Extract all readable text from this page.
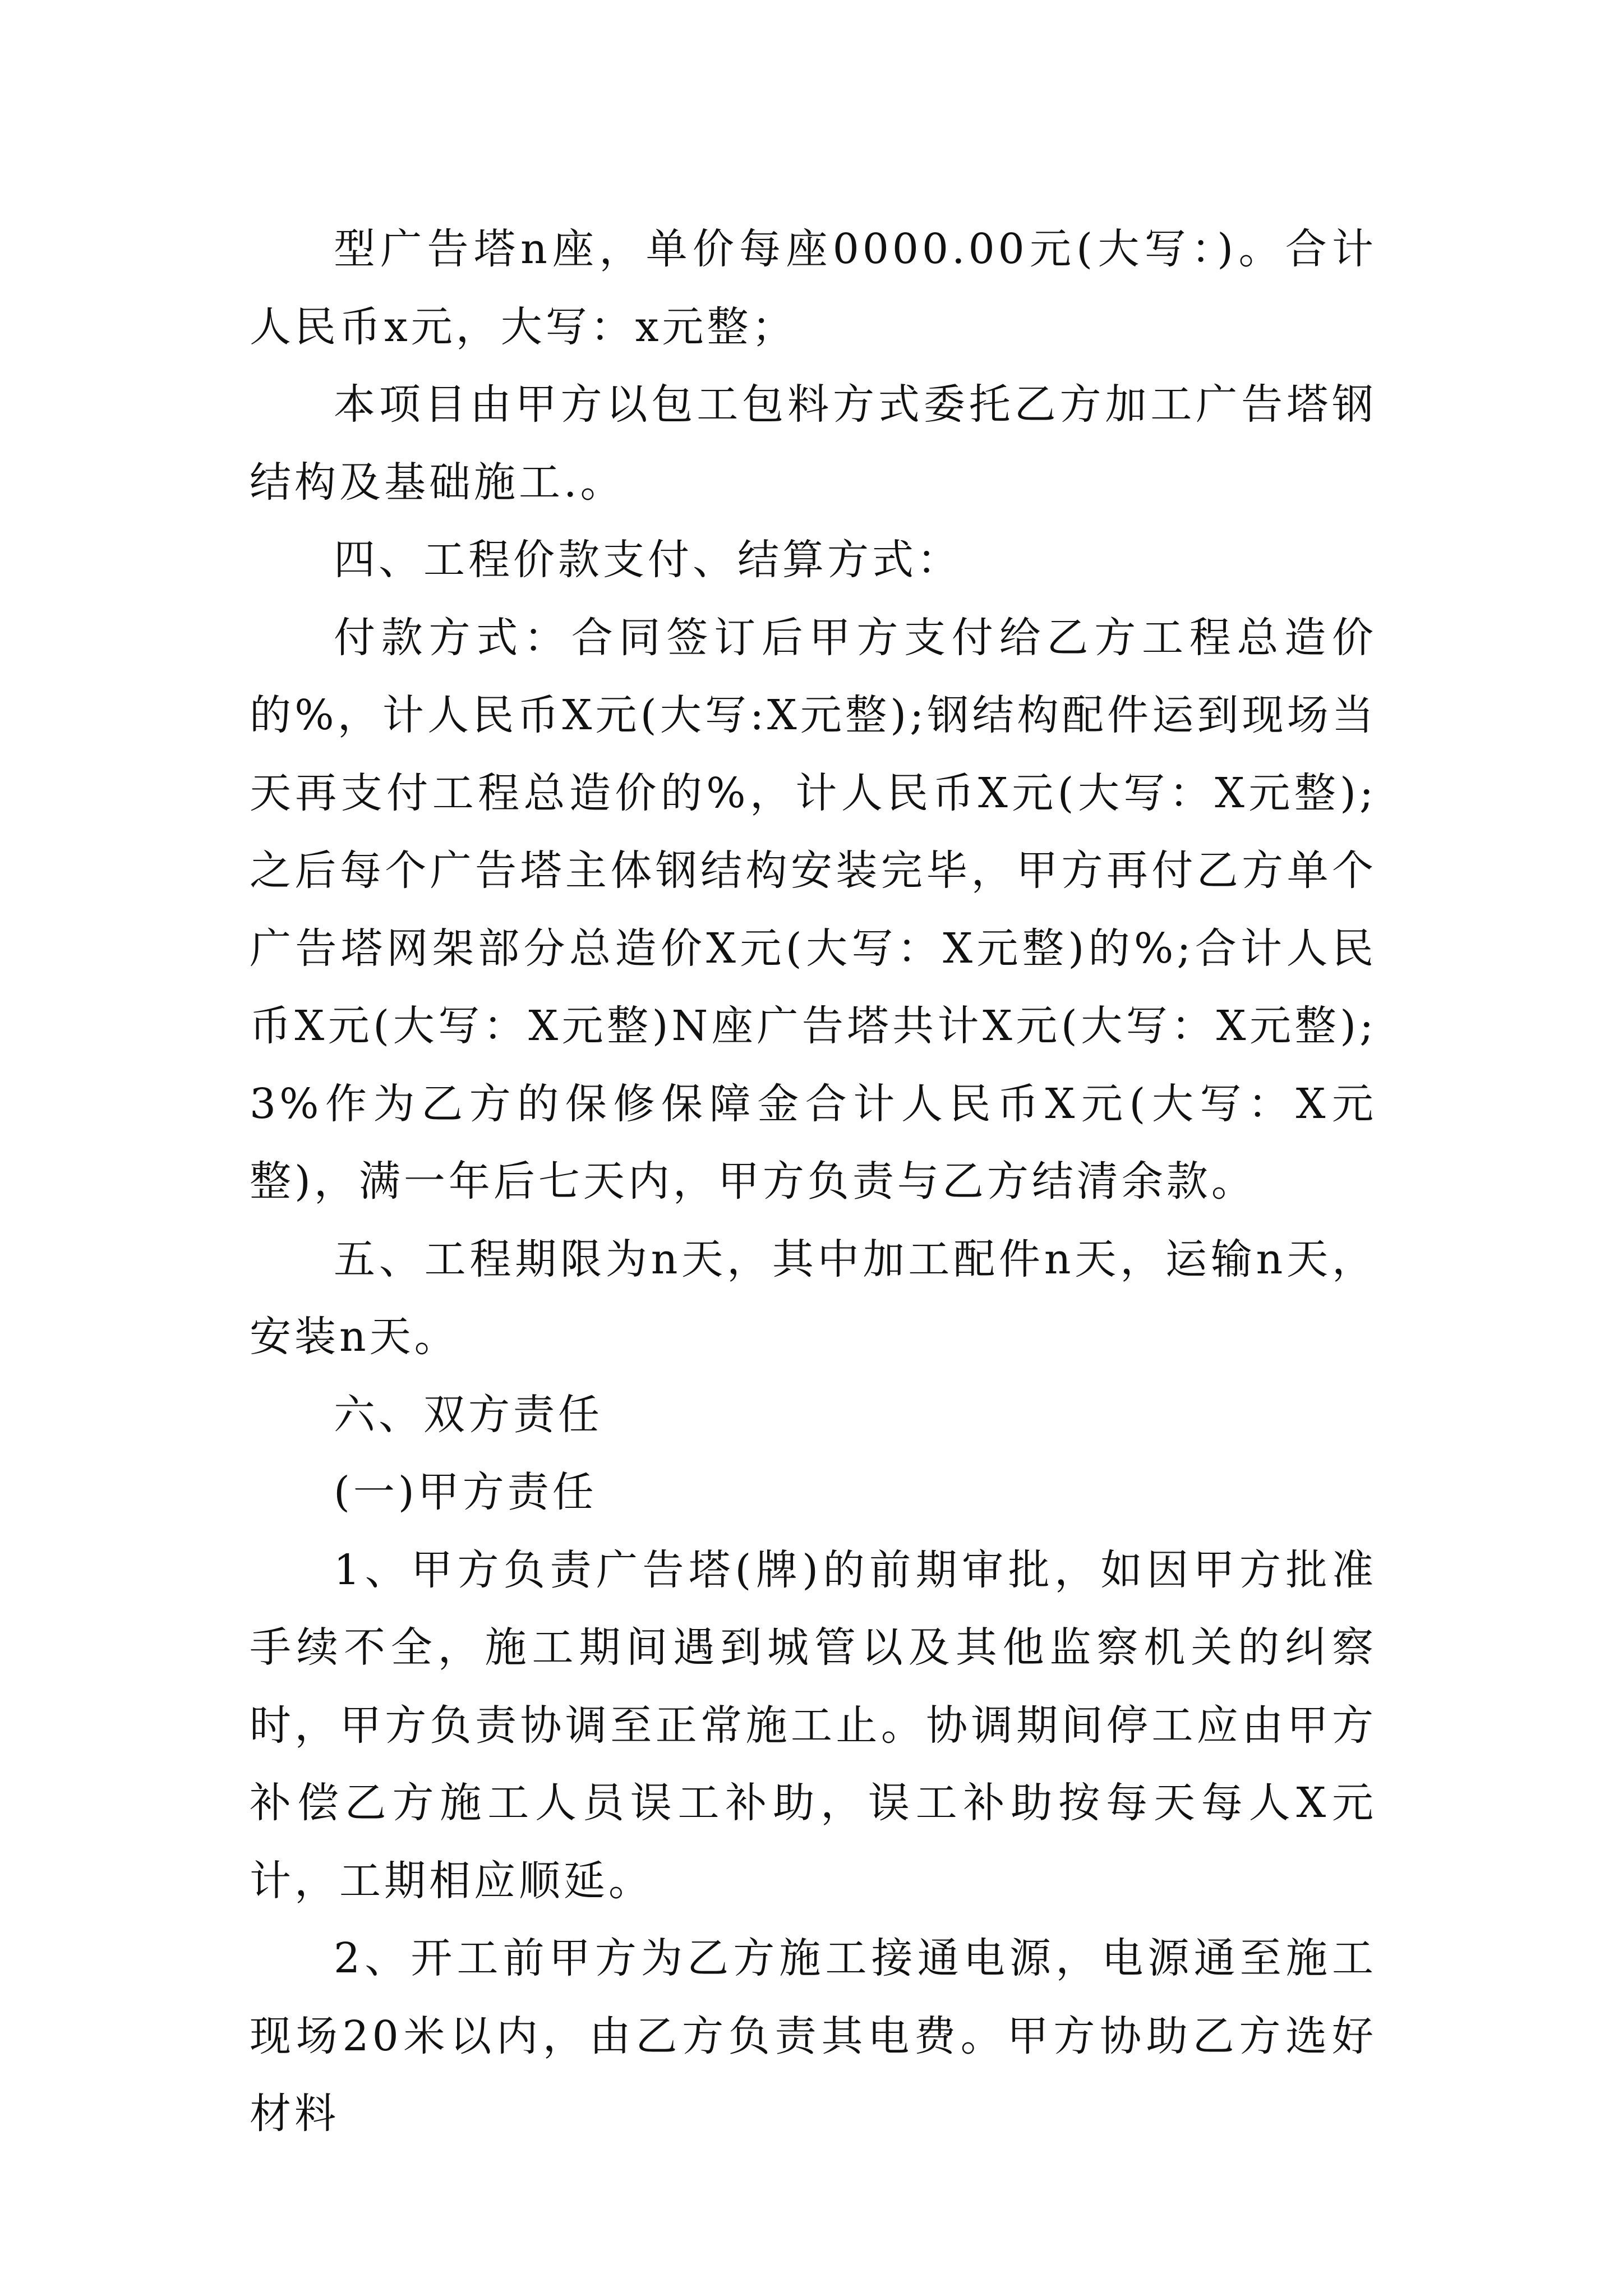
型广告塔n座，单价每座0000.00元(大写：)。合计人民币x元，大写：x元整；

本项目由甲方以包工包料方式委托乙方加工广告塔钢结构及基础施工.。

四、工程价款支付、结算方式：

付款方式：合同签订后甲方支付给乙方工程总造价的%，计人民币X元(大写:X元整);钢结构配件运到现场当天再支付工程总造价的%，计人民币X元(大写：X元整);之后每个广告塔主体钢结构安装完毕，甲方再付乙方单个广告塔网架部分总造价X元(大写：X元整)的%;合计人民币X元(大写：X元整)N座广告塔共计X元(大写：X元整);3%作为乙方的保修保障金合计人民币X元(大写：X元整)，满一年后七天内，甲方负责与乙方结清余款。

五、工程期限为n天，其中加工配件n天，运输n天，安装n天。

六、双方责任

(一)甲方责任

1、甲方负责广告塔(牌)的前期审批，如因甲方批准手续不全，施工期间遇到城管以及其他监察机关的纠察时，甲方负责协调至正常施工止。协调期间停工应由甲方补偿乙方施工人员误工补助，误工补助按每天每人X元计，工期相应顺延。

2、开工前甲方为乙方施工接通电源，电源通至施工现场20米以内，由乙方负责其电费。甲方协助乙方选好材料
